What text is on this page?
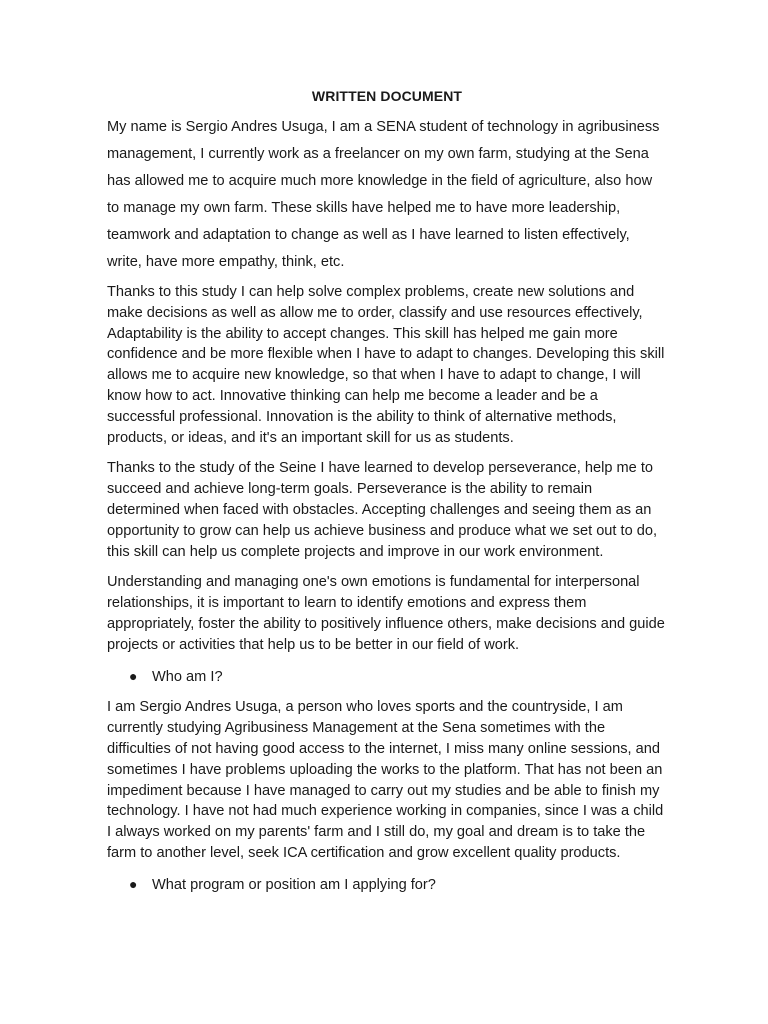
WRITTEN DOCUMENT

My name is Sergio Andres Usuga, I am a SENA student of technology in agribusiness management, I currently work as a freelancer on my own farm, studying at the Sena has allowed me to acquire much more knowledge in the field of agriculture, also how to manage my own farm. These skills have helped me to have more leadership, teamwork and adaptation to change as well as I have learned to listen effectively, write, have more empathy, think, etc.

Thanks to this study I can help solve complex problems, create new solutions and make decisions as well as allow me to order, classify and use resources effectively, Adaptability is the ability to accept changes. This skill has helped me gain more confidence and be more flexible when I have to adapt to changes. Developing this skill allows me to acquire new knowledge, so that when I have to adapt to change, I will know how to act. Innovative thinking can help me become a leader and be a successful professional. Innovation is the ability to think of alternative methods, products, or ideas, and it's an important skill for us as students.

Thanks to the study of the Seine I have learned to develop perseverance, help me to succeed and achieve long-term goals. Perseverance is the ability to remain determined when faced with obstacles. Accepting challenges and seeing them as an opportunity to grow can help us achieve business and produce what we set out to do, this skill can help us complete projects and improve in our work environment.

Understanding and managing one's own emotions is fundamental for interpersonal relationships, it is important to learn to identify emotions and express them appropriately, foster the ability to positively influence others, make decisions and guide projects or activities that help us to be better in our field of work.

● Who am I?

I am Sergio Andres Usuga, a person who loves sports and the countryside, I am currently studying Agribusiness Management at the Sena sometimes with the difficulties of not having good access to the internet, I miss many online sessions, and sometimes I have problems uploading the works to the platform. That has not been an impediment because I have managed to carry out my studies and be able to finish my technology. I have not had much experience working in companies, since I was a child I always worked on my parents' farm and I still do, my goal and dream is to take the farm to another level, seek ICA certification and grow excellent quality products.

● What program or position am I applying for?
